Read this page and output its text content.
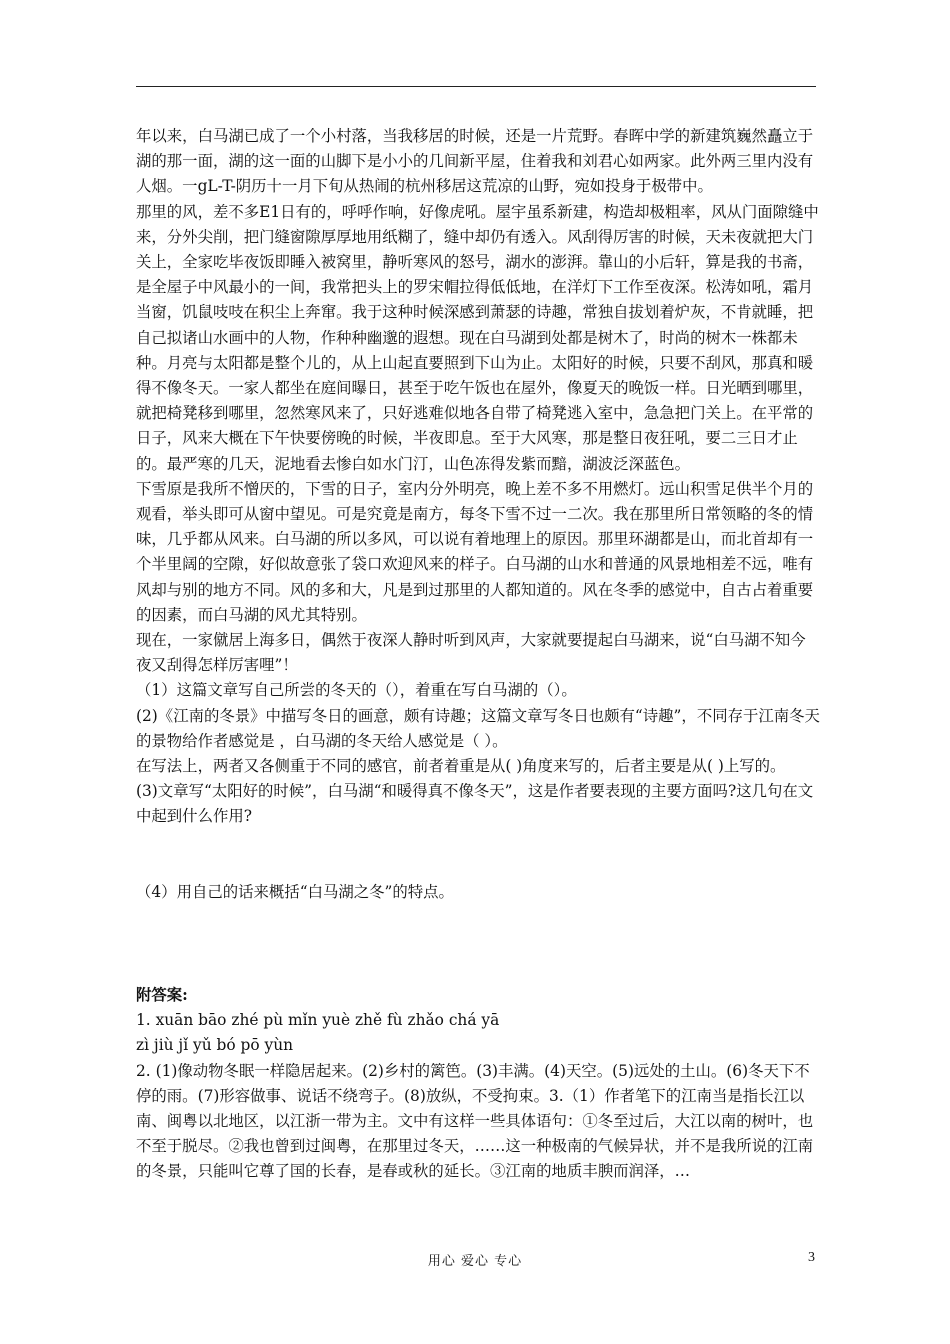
年以来，白马湖已成了一个小村落，当我移居的时候，还是一片荒野。春晖中学的新建筑巍然矗立于湖的那一面，湖的这一面的山脚下是小小的几间新平屋，住着我和刘君心如两家。此外两三里内没有人烟。一gL-T-阴历十一月下旬从热闹的杭州移居这荒凉的山野，宛如投身于极带中。

那里的风，差不多E1日有的，呼呼作响，好像虎吼。屋宇虽系新建，构造却极粗率，风从门面隙缝中来，分外尖削，把门缝窗隙厚厚地用纸糊了，缝中却仍有透入。风刮得厉害的时候，天未夜就把大门关上，全家吃毕夜饭即睡入被窝里，静听寒风的怒号，湖水的澎湃。靠山的小后轩，算是我的书斋，是全屋子中风最小的一间，我常把头上的罗宋帽拉得低低地，在洋灯下工作至夜深。松涛如吼，霜月当窗，饥鼠吱吱在积尘上奔窜。我于这种时候深感到萧瑟的诗趣，常独自拔划着炉灰，不肯就睡，把自己拟诸山水画中的人物，作种种幽邈的遐想。现在白马湖到处都是树木了，时尚的树木一株都未种。月亮与太阳都是整个儿的，从上山起直要照到下山为止。太阳好的时候，只要不刮风，那真和暖得不像冬天。一家人都坐在庭间曝日，甚至于吃午饭也在屋外，像夏天的晚饭一样。日光晒到哪里，就把椅凳移到哪里，忽然寒风来了，只好逃难似地各自带了椅凳逃入室中，急急把门关上。在平常的日子，风来大概在下午快要傍晚的时候，半夜即息。至于大风寒，那是整日夜狂吼，要二三日才止的。最严寒的几天，泥地看去惨白如水门汀，山色冻得发紫而黯，湖波泛深蓝色。

下雪原是我所不憎厌的，下雪的日子，室内分外明亮，晚上差不多不用燃灯。远山积雪足供半个月的观看，举头即可从窗中望见。可是究竟是南方，每冬下雪不过一二次。我在那里所日常领略的冬的情味，几乎都从风来。白马湖的所以多风，可以说有着地理上的原因。那里环湖都是山，而北首却有一个半里阔的空隙，好似故意张了袋口欢迎风来的样子。白马湖的山水和普通的风景地相差不远，唯有风却与别的地方不同。风的多和大，凡是到过那里的人都知道的。风在冬季的感觉中，自古占着重要的因素，而白马湖的风尤其特别。

现在，一家僦居上海多日，偶然于夜深人静时听到风声，大家就要提起白马湖来，说“白马湖不知今夜又刮得怎样厉害哩”！

（1）这篇文章写自己所尝的冬天的（），着重在写白马湖的（）。

(2)《江南的冬景》中描写冬日的画意，颇有诗趣；这篇文章写冬日也颇有“诗趣”，不同存于江南冬天的景物给作者感觉是 ，白马湖的冬天给人感觉是（ ）。

在写法上，两者又各侧重于不同的感官，前者着重是从( )角度来写的，后者主要是从( )上写的。

(3)文章写“太阳好的时候”，白马湖“和暖得真不像冬天”，这是作者要表现的主要方面吗?这几句在文中起到什么作用?

（4）用自己的话来概括“白马湖之冬”的特点。

附答案:

1. xuān bāo zhé pù mǐn yuè zhě fù zhǎo chá yā

zì jiù jǐ yǔ bó pō yùn

2. (1)像动物冬眠一样隐居起来。(2)乡村的篱笆。(3)丰满。(4)天空。(5)远处的土山。(6)冬天下不停的雨。(7)形容做事、说话不绕弯子。(8)放纵，不受拘束。3.（1）作者笔下的江南当是指长江以南、闽粤以北地区，以江浙一带为主。文中有这样一些具体语句：①冬至过后，大江以南的树叶，也不至于脱尽。②我也曾到过闽粤，在那里过冬天，……这一种极南的气候异状，并不是我所说的江南的冬景，只能叫它尊了国的长春，是春或秋的延长。③江南的地质丰腴而润泽，…

用心 爱心 专心	3
